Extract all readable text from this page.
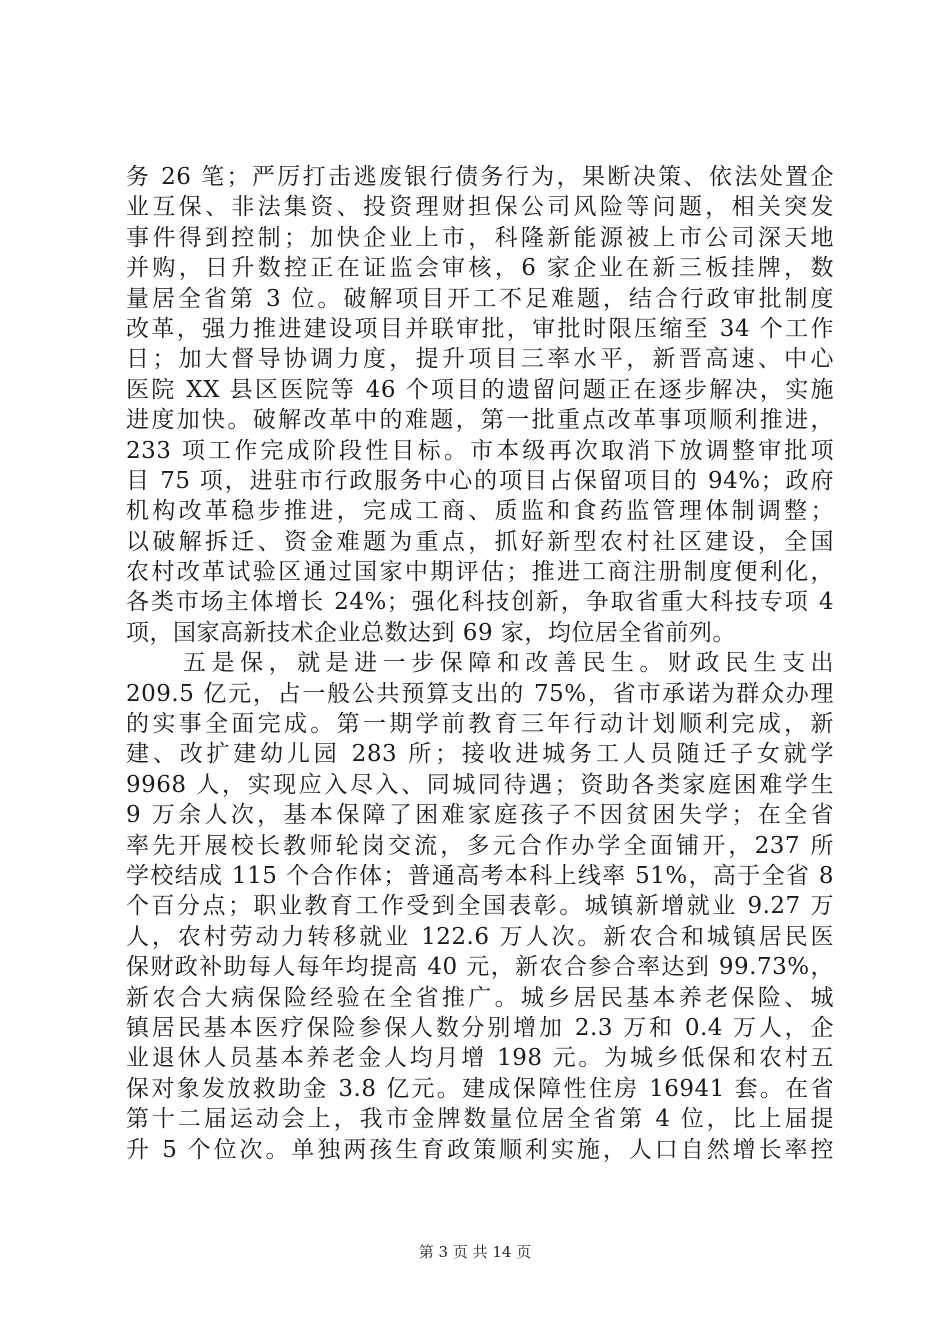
务 26 笔；严厉打击逃废银行债务行为，果断决策、依法处置企
业互保、非法集资、投资理财担保公司风险等问题，相关突发
事件得到控制；加快企业上市，科隆新能源被上市公司深天地
并购，日升数控正在证监会审核，6 家企业在新三板挂牌，数
量居全省第 3 位。破解项目开工不足难题，结合行政审批制度
改革，强力推进建设项目并联审批，审批时限压缩至 34 个工作
日；加大督导协调力度，提升项目三率水平，新晋高速、中心
医院 XX 县区医院等 46 个项目的遗留问题正在逐步解决，实施
进度加快。破解改革中的难题，第一批重点改革事项顺利推进，
233 项工作完成阶段性目标。市本级再次取消下放调整审批项
目 75 项，进驻市行政服务中心的项目占保留项目的 94%；政府
机构改革稳步推进，完成工商、质监和食药监管理体制调整；
以破解拆迁、资金难题为重点，抓好新型农村社区建设，全国
农村改革试验区通过国家中期评估；推进工商注册制度便利化，
各类市场主体增长 24%；强化科技创新，争取省重大科技专项 4
项，国家高新技术企业总数达到 69 家，均位居全省前列。
　　五是保，就是进一步保障和改善民生。财政民生支出
209.5 亿元，占一般公共预算支出的 75%，省市承诺为群众办理
的实事全面完成。第一期学前教育三年行动计划顺利完成，新
建、改扩建幼儿园 283 所；接收进城务工人员随迁子女就学
9968 人，实现应入尽入、同城同待遇；资助各类家庭困难学生
9 万余人次，基本保障了困难家庭孩子不因贫困失学；在全省
率先开展校长教师轮岗交流，多元合作办学全面铺开，237 所
学校结成 115 个合作体；普通高考本科上线率 51%，高于全省 8
个百分点；职业教育工作受到全国表彰。城镇新增就业 9.27 万
人，农村劳动力转移就业 122.6 万人次。新农合和城镇居民医
保财政补助每人每年均提高 40 元，新农合参合率达到 99.73%，
新农合大病保险经验在全省推广。城乡居民基本养老保险、城
镇居民基本医疗保险参保人数分别增加 2.3 万和 0.4 万人，企
业退休人员基本养老金人均月增 198 元。为城乡低保和农村五
保对象发放救助金 3.8 亿元。建成保障性住房 16941 套。在省
第十二届运动会上，我市金牌数量位居全省第 4 位，比上届提
升 5 个位次。单独两孩生育政策顺利实施，人口自然增长率控
第 3 页 共 14 页
